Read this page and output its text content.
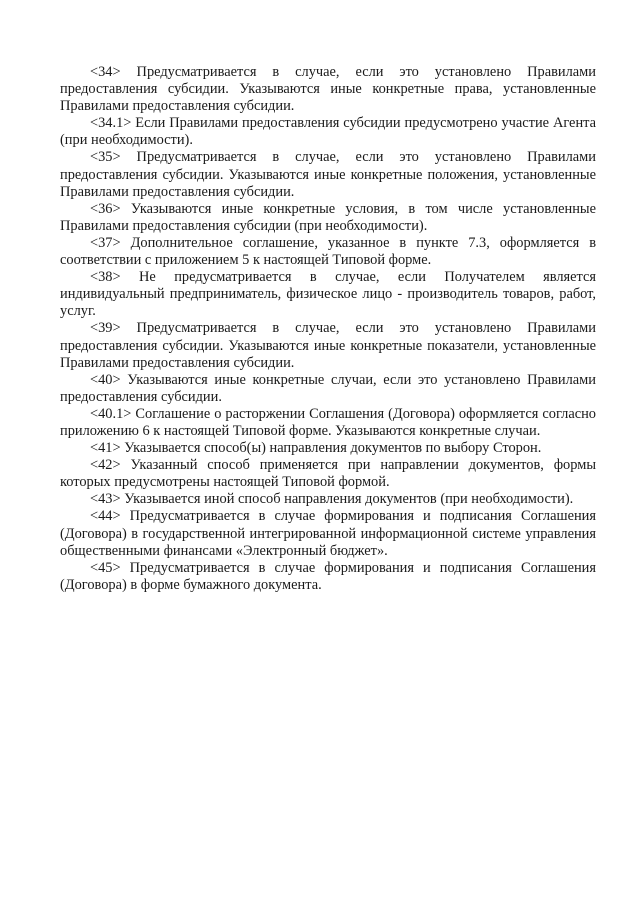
<34> Предусматривается в случае, если это установлено Правилами предоставления субсидии. Указываются иные конкретные права, установленные Правилами предоставления субсидии.

<34.1> Если Правилами предоставления субсидии предусмотрено участие Агента (при необходимости).

<35> Предусматривается в случае, если это установлено Правилами предоставления субсидии. Указываются иные конкретные положения, установленные Правилами предоставления субсидии.

<36> Указываются иные конкретные условия, в том числе установленные Правилами предоставления субсидии (при необходимости).

<37> Дополнительное соглашение, указанное в пункте 7.3, оформляется в соответствии с приложением 5 к настоящей Типовой форме.

<38> Не предусматривается в случае, если Получателем является индивидуальный предприниматель, физическое лицо - производитель товаров, работ, услуг.

<39> Предусматривается в случае, если это установлено Правилами предоставления субсидии. Указываются иные конкретные показатели, установленные Правилами предоставления субсидии.

<40> Указываются иные конкретные случаи, если это установлено Правилами предоставления субсидии.

<40.1> Соглашение о расторжении Соглашения (Договора) оформляется согласно приложению 6 к настоящей Типовой форме. Указываются конкретные случаи.

<41> Указывается способ(ы) направления документов по выбору Сторон.

<42> Указанный способ применяется при направлении документов, формы которых предусмотрены настоящей Типовой формой.

<43> Указывается иной способ направления документов (при необходимости).

<44> Предусматривается в случае формирования и подписания Соглашения (Договора) в государственной интегрированной информационной системе управления общественными финансами «Электронный бюджет».

<45> Предусматривается в случае формирования и подписания Соглашения (Договора) в форме бумажного документа.
